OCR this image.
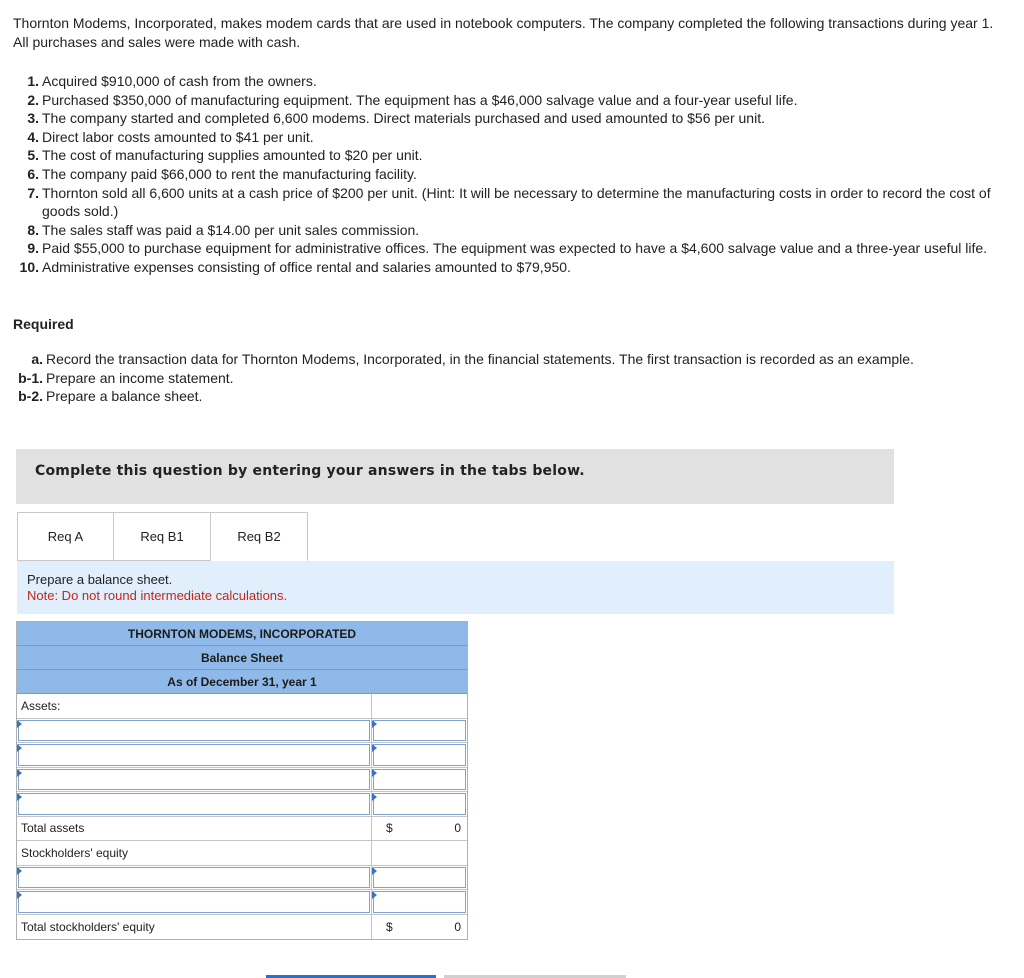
Thornton Modems, Incorporated, makes modem cards that are used in notebook computers. The company completed the following transactions during year 1. All purchases and sales were made with cash.
1. Acquired $910,000 of cash from the owners.
2. Purchased $350,000 of manufacturing equipment. The equipment has a $46,000 salvage value and a four-year useful life.
3. The company started and completed 6,600 modems. Direct materials purchased and used amounted to $56 per unit.
4. Direct labor costs amounted to $41 per unit.
5. The cost of manufacturing supplies amounted to $20 per unit.
6. The company paid $66,000 to rent the manufacturing facility.
7. Thornton sold all 6,600 units at a cash price of $200 per unit. (Hint: It will be necessary to determine the manufacturing costs in order to record the cost of goods sold.)
8. The sales staff was paid a $14.00 per unit sales commission.
9. Paid $55,000 to purchase equipment for administrative offices. The equipment was expected to have a $4,600 salvage value and a three-year useful life.
10. Administrative expenses consisting of office rental and salaries amounted to $79,950.
Required
a. Record the transaction data for Thornton Modems, Incorporated, in the financial statements. The first transaction is recorded as an example.
b-1. Prepare an income statement.
b-2. Prepare a balance sheet.
Complete this question by entering your answers in the tabs below.
Req A	Req B1	Req B2
Prepare a balance sheet.
Note: Do not round intermediate calculations.
THORNTON MODEMS, INCORPORATED
Balance Sheet
As of December 31, year 1
Assets:
Total assets	$	0
Stockholders' equity
Total stockholders' equity	$	0
